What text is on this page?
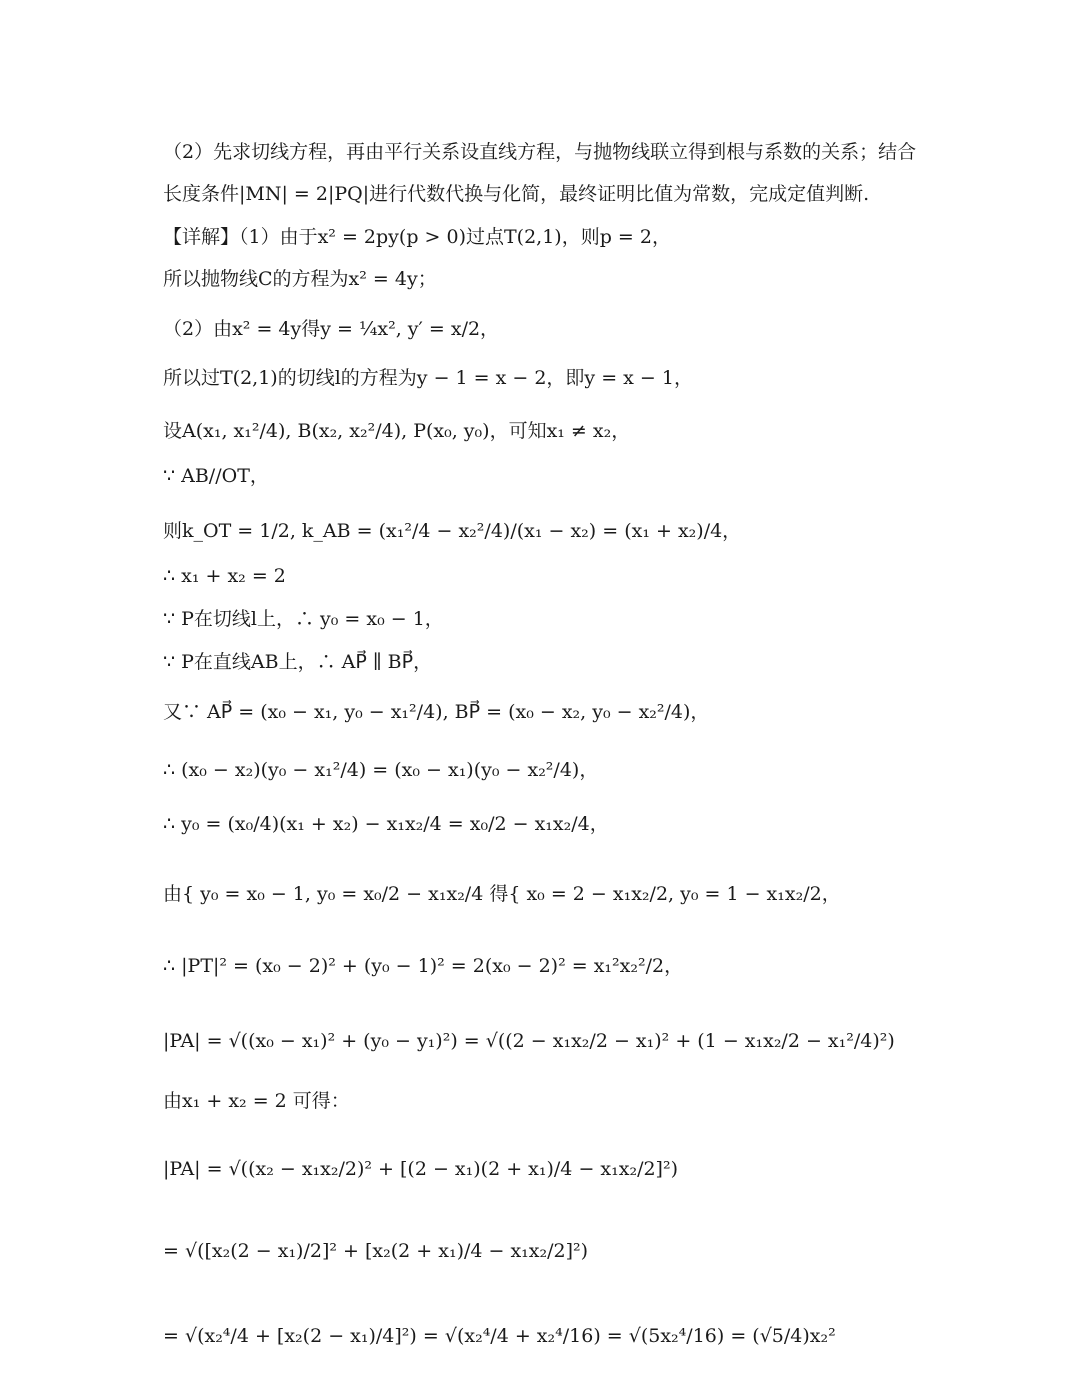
（2）先求切线方程，再由平行关系设直线方程，与抛物线联立得到根与系数的关系；结合
长度条件|MN| = 2|PQ|进行代数代换与化简，最终证明比值为常数，完成定值判断.
【详解】（1）由于x² = 2py(p > 0)过点T(2,1)，则p = 2，
所以抛物线C的方程为x² = 4y；
（2）由x² = 4y得y = ¼x², y′ = x/2，
所以过T(2,1)的切线l的方程为y − 1 = x − 2，即y = x − 1，
设A(x₁, x₁²/4), B(x₂, x₂²/4), P(x₀, y₀)，可知x₁ ≠ x₂，
∵ AB//OT，
则k_OT = 1/2, k_AB = (x₁²/4 − x₂²/4)/(x₁ − x₂) = (x₁ + x₂)/4，
∴ x₁ + x₂ = 2
∵ P在切线l上，∴ y₀ = x₀ − 1，
∵ P在直线AB上，∴ AP⃗ ∥ BP⃗，
又∵ AP⃗ = (x₀ − x₁, y₀ − x₁²/4), BP⃗ = (x₀ − x₂, y₀ − x₂²/4)，
∴ (x₀ − x₂)(y₀ − x₁²/4) = (x₀ − x₁)(y₀ − x₂²/4)，
∴ y₀ = (x₀/4)(x₁ + x₂) − x₁x₂/4 = x₀/2 − x₁x₂/4，
由{ y₀ = x₀ − 1, y₀ = x₀/2 − x₁x₂/4 得{ x₀ = 2 − x₁x₂/2, y₀ = 1 − x₁x₂/2，
∴ |PT|² = (x₀ − 2)² + (y₀ − 1)² = 2(x₀ − 2)² = x₁²x₂²/2，
|PA| = √((x₀ − x₁)² + (y₀ − y₁)²) = √((2 − x₁x₂/2 − x₁)² + (1 − x₁x₂/2 − x₁²/4)²)
由x₁ + x₂ = 2 可得：
|PA| = √((x₂ − x₁x₂/2)² + [(2 − x₁)(2 + x₁)/4 − x₁x₂/2]²)
= √([x₂(2 − x₁)/2]² + [x₂(2 + x₁)/4 − x₁x₂/2]²)
= √(x₂⁴/4 + [x₂(2 − x₁)/4]²) = √(x₂⁴/4 + x₂⁴/16) = √(5x₂⁴/16) = (√5/4)x₂²
